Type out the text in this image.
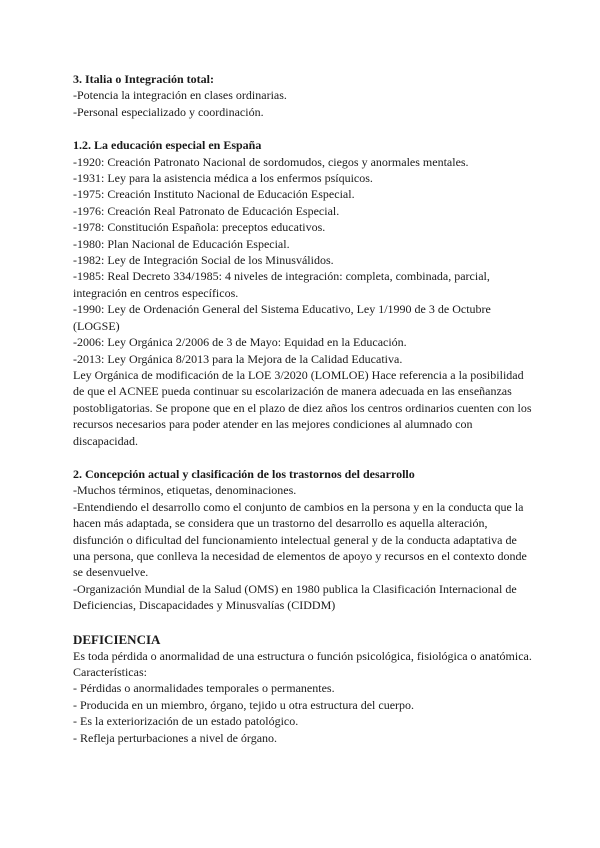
3. Italia o Integración total:

-Potencia la integración en clases ordinarias.

-Personal especializado y coordinación.

1.2. La educación especial en España

-1920: Creación Patronato Nacional de sordomudos, ciegos y anormales mentales.

-1931: Ley para la asistencia médica a los enfermos psíquicos.

-1975: Creación Instituto Nacional de Educación Especial.

-1976: Creación Real Patronato de Educación Especial.

-1978: Constitución Española: preceptos educativos.

-1980: Plan Nacional de Educación Especial.

-1982: Ley de Integración Social de los Minusválidos.

-1985: Real Decreto 334/1985: 4 niveles de integración: completa, combinada, parcial, integración en centros específicos.

-1990: Ley de Ordenación General del Sistema Educativo, Ley 1/1990 de 3 de Octubre (LOGSE)

-2006: Ley Orgánica 2/2006 de 3 de Mayo: Equidad en la Educación.

-2013: Ley Orgánica 8/2013 para la Mejora de la Calidad Educativa.

Ley Orgánica de modificación de la LOE 3/2020 (LOMLOE) Hace referencia a la posibilidad de que el ACNEE pueda continuar su escolarización de manera adecuada en las enseñanzas postobligatorias. Se propone que en el plazo de diez años los centros ordinarios cuenten con los recursos necesarios para poder atender en las mejores condiciones al alumnado con discapacidad.

2. Concepción actual y clasificación de los trastornos del desarrollo

-Muchos términos, etiquetas, denominaciones.

-Entendiendo el desarrollo como el conjunto de cambios en la persona y en la conducta que la hacen más adaptada, se considera que un trastorno del desarrollo es aquella alteración, disfunción o dificultad del funcionamiento intelectual general y de la conducta adaptativa de una persona, que conlleva la necesidad de elementos de apoyo y recursos en el contexto donde se desenvuelve.

-Organización Mundial de la Salud (OMS) en 1980 publica la Clasificación Internacional de Deficiencias, Discapacidades y Minusvalías (CIDDM)

DEFICIENCIA

Es toda pérdida o anormalidad de una estructura o función psicológica, fisiológica o anatómica. Características:

- Pérdidas o anormalidades temporales o permanentes.

- Producida en un miembro, órgano, tejido u otra estructura del cuerpo.

- Es la exteriorización de un estado patológico.

- Refleja perturbaciones a nivel de órgano.
